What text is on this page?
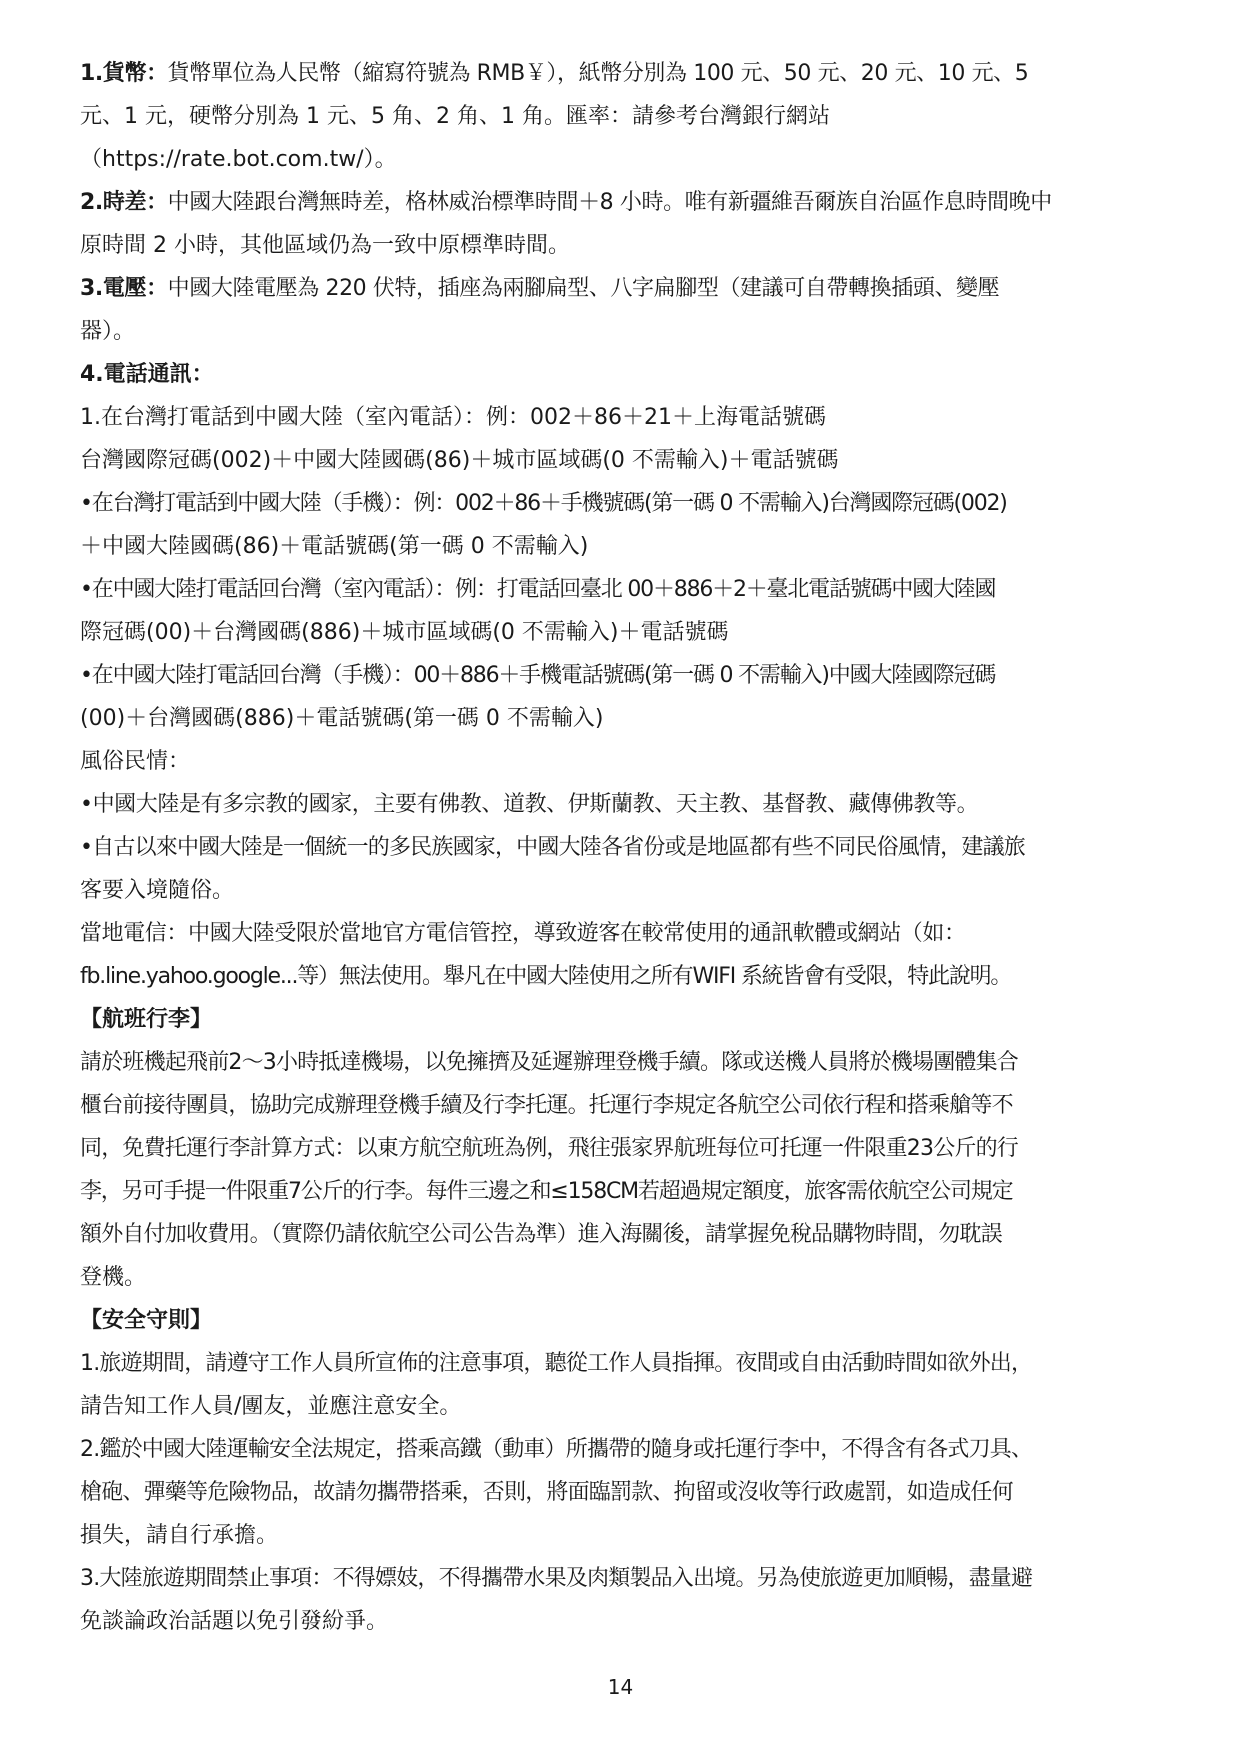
1.貨幣：貨幣單位為人民幣（縮寫符號為 RMB￥），紙幣分別為 100 元、50 元、20 元、10 元、5
元、1 元，硬幣分別為 1 元、5 角、2 角、1 角。匯率：請參考台灣銀行網站
（https://rate.bot.com.tw/）。
2.時差：中國大陸跟台灣無時差，格林威治標準時間＋8 小時。唯有新疆維吾爾族自治區作息時間晚中
原時間 2 小時，其他區域仍為一致中原標準時間。
3.電壓：中國大陸電壓為 220 伏特，插座為兩腳扁型、八字扁腳型（建議可自帶轉換插頭、變壓
器）。
4.電話通訊：
1.在台灣打電話到中國大陸（室內電話）：例：002＋86＋21＋上海電話號碼
台灣國際冠碼(002)＋中國大陸國碼(86)＋城市區域碼(0 不需輸入)＋電話號碼
•在台灣打電話到中國大陸（手機）：例：002＋86＋手機號碼(第一碼 0 不需輸入)台灣國際冠碼(002)
＋中國大陸國碼(86)＋電話號碼(第一碼 0 不需輸入)
•在中國大陸打電話回台灣（室內電話）：例：打電話回臺北 00＋886＋2＋臺北電話號碼中國大陸國
際冠碼(00)＋台灣國碼(886)＋城市區域碼(0 不需輸入)＋電話號碼
•在中國大陸打電話回台灣（手機）：00＋886＋手機電話號碼(第一碼 0 不需輸入)中國大陸國際冠碼
(00)＋台灣國碼(886)＋電話號碼(第一碼 0 不需輸入)
風俗民情：
•中國大陸是有多宗教的國家，主要有佛教、道教、伊斯蘭教、天主教、基督教、藏傳佛教等。
•自古以來中國大陸是一個統一的多民族國家，中國大陸各省份或是地區都有些不同民俗風情，建議旅
客要入境隨俗。
當地電信：中國大陸受限於當地官方電信管控，導致遊客在較常使用的通訊軟體或網站（如：
fb.line.yahoo.google...等）無法使用。舉凡在中國大陸使用之所有WIFI 系統皆會有受限，特此說明。
【航班行李】
請於班機起飛前2～3小時抵達機場，以免擁擠及延遲辦理登機手續。隊或送機人員將於機場團體集合
櫃台前接待團員，協助完成辦理登機手續及行李托運。托運行李規定各航空公司依行程和搭乘艙等不
同，免費托運行李計算方式：以東方航空航班為例，飛往張家界航班每位可托運一件限重23公斤的行
李，另可手提一件限重7公斤的行李。每件三邊之和≤158CM若超過規定額度，旅客需依航空公司規定
額外自付加收費用。（實際仍請依航空公司公告為準）進入海關後，請掌握免稅品購物時間，勿耽誤
登機。
【安全守則】
1.旅遊期間，請遵守工作人員所宣佈的注意事項，聽從工作人員指揮。夜間或自由活動時間如欲外出，
請告知工作人員/團友，並應注意安全。
2.鑑於中國大陸運輸安全法規定，搭乘高鐵（動車）所攜帶的隨身或托運行李中，不得含有各式刀具、
槍砲、彈藥等危險物品，故請勿攜帶搭乘，否則，將面臨罰款、拘留或沒收等行政處罰，如造成任何
損失，請自行承擔。
3.大陸旅遊期間禁止事項：不得嫖妓，不得攜帶水果及肉類製品入出境。另為使旅遊更加順暢，盡量避
免談論政治話題以免引發紛爭。
14
